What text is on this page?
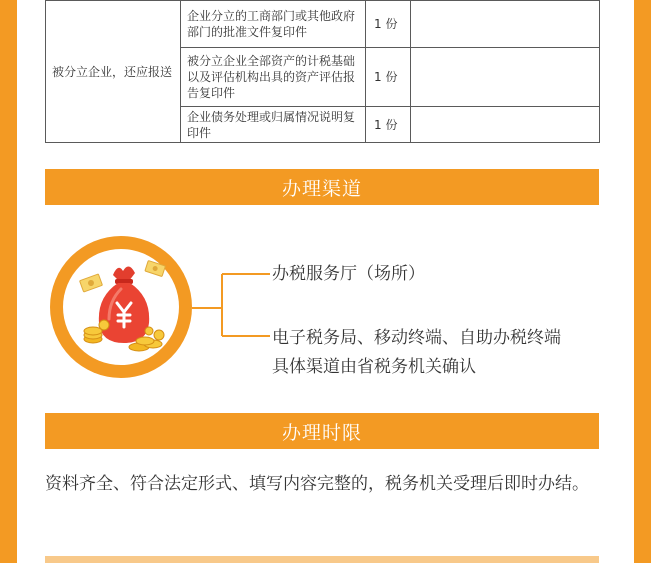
被分立企业，还应报送	企业分立的工商部门或其他政府部门的批准文件复印件	1 份	
	被分立企业全部资产的计税基础以及评估机构出具的资产评估报告复印件	1 份	
	企业债务处理或归属情况说明复印件	1 份	
办理渠道
办税服务厅（场所）
电子税务局、移动终端、自助办税终端
具体渠道由省税务机关确认
办理时限
资料齐全、符合法定形式、填写内容完整的，税务机关受理后即时办结。
